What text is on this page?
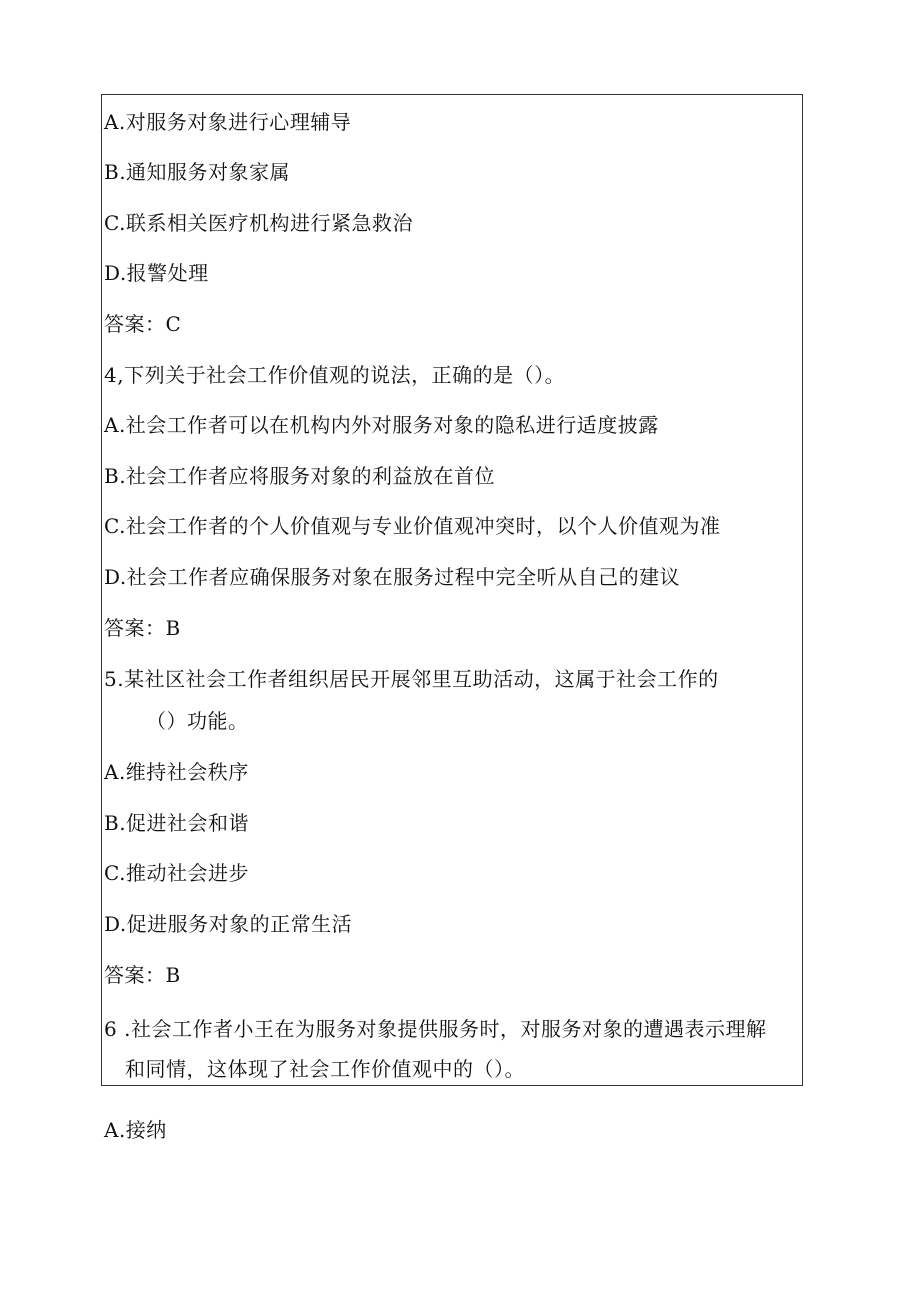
A.对服务对象进行心理辅导
B.通知服务对象家属
C.联系相关医疗机构进行紧急救治
D.报警处理
答案：C
4,下列关于社会工作价值观的说法，正确的是（）。
A.社会工作者可以在机构内外对服务对象的隐私进行适度披露
B.社会工作者应将服务对象的利益放在首位
C.社会工作者的个人价值观与专业价值观冲突时，以个人价值观为准
D.社会工作者应确保服务对象在服务过程中完全听从自己的建议
答案：B
5.某社区社会工作者组织居民开展邻里互助活动，这属于社会工作的
（）功能。
A.维持社会秩序
B.促进社会和谐
C.推动社会进步
D.促进服务对象的正常生活
答案：B
6 .社会工作者小王在为服务对象提供服务时，对服务对象的遭遇表示理解
和同情，这体现了社会工作价值观中的（）。
A.接纳
